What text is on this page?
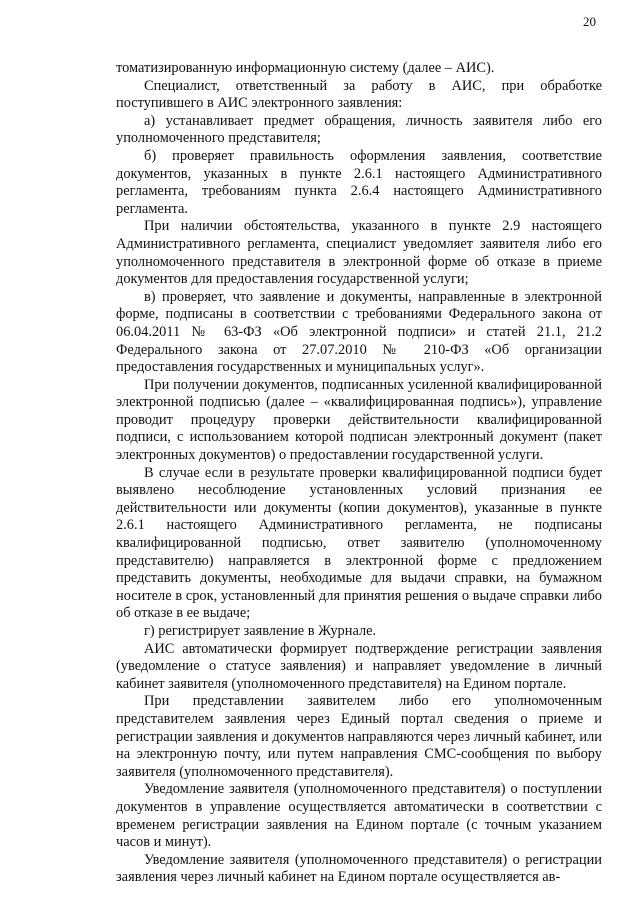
20

томатизированную информационную систему (далее – АИС).

Специалист, ответственный за работу в АИС, при обработке поступившего в АИС электронного заявления:

а) устанавливает предмет обращения, личность заявителя либо его уполномоченного представителя;

б) проверяет правильность оформления заявления, соответствие документов, указанных в пункте 2.6.1 настоящего Административного регламента, требованиям пункта 2.6.4 настоящего Административного регламента.

При наличии обстоятельства, указанного в пункте 2.9 настоящего Административного регламента, специалист уведомляет заявителя либо его уполномоченного представителя в электронной форме об отказе в приеме документов для предоставления государственной услуги;

в) проверяет, что заявление и документы, направленные в электронной форме, подписаны в соответствии с требованиями Федерального закона от 06.04.2011 № 63-ФЗ «Об электронной подписи» и статей 21.1, 21.2 Федерального закона от 27.07.2010 № 210-ФЗ «Об организации предоставления государственных и муниципальных услуг».

При получении документов, подписанных усиленной квалифицированной электронной подписью (далее – «квалифицированная подпись»), управление проводит процедуру проверки действительности квалифицированной подписи, с использованием которой подписан электронный документ (пакет электронных документов) о предоставлении государственной услуги.

В случае если в результате проверки квалифицированной подписи будет выявлено несоблюдение установленных условий признания ее действительности или документы (копии документов), указанные в пункте 2.6.1 настоящего Административного регламента, не подписаны квалифицированной подписью, ответ заявителю (уполномоченному представителю) направляется в электронной форме с предложением представить документы, необходимые для выдачи справки, на бумажном носителе в срок, установленный для принятия решения о выдаче справки либо об отказе в ее выдаче;

г) регистрирует заявление в Журнале.

АИС автоматически формирует подтверждение регистрации заявления (уведомление о статусе заявления) и направляет уведомление в личный кабинет заявителя (уполномоченного представителя) на Едином портале.

При представлении заявителем либо его уполномоченным представителем заявления через Единый портал сведения о приеме и регистрации заявления и документов направляются через личный кабинет, или на электронную почту, или путем направления СМС-сообщения по выбору заявителя (уполномоченного представителя).

Уведомление заявителя (уполномоченного представителя) о поступлении документов в управление осуществляется автоматически в соответствии с временем регистрации заявления на Едином портале (с точным указанием часов и минут).

Уведомление заявителя (уполномоченного представителя) о регистрации заявления через личный кабинет на Едином портале осуществляется ав-
